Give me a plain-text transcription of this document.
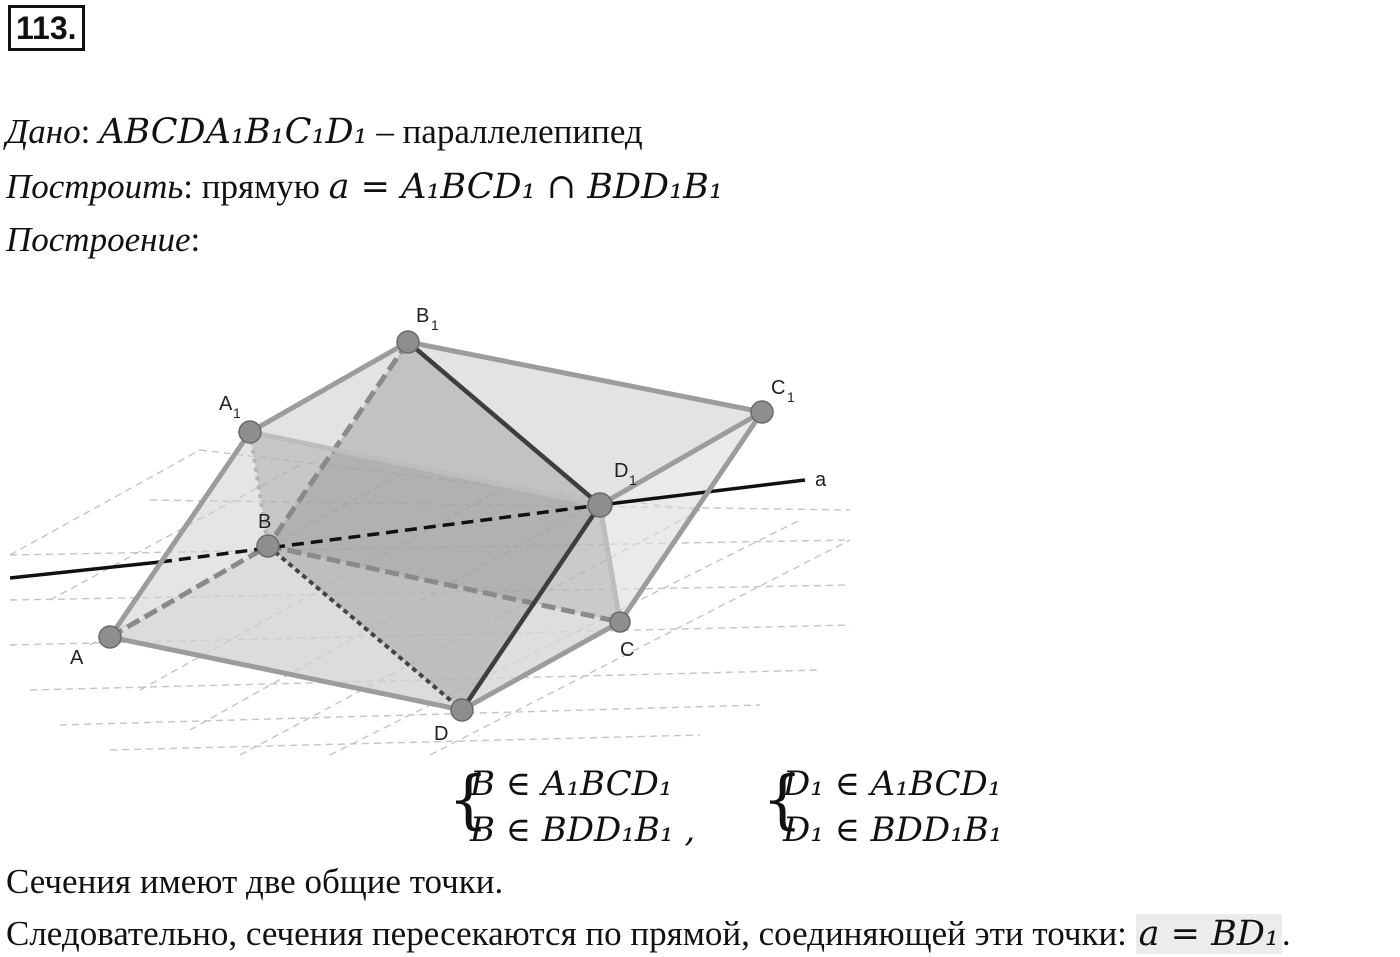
113.
Дано: ABCDA₁B₁C₁D₁ – параллелепипед
Построить: прямую a = A₁BCD₁ ∩ BDD₁B₁
Построение:
A
B
C
D
A 1
B 1
C 1
D 1	a
{
B ∈ A₁BCD₁
B ∈ BDD₁B₁ , {
D₁ ∈ A₁BCD₁
D₁ ∈ BDD₁B₁
Сечения имеют две общие точки.
Следовательно, сечения пересекаются по прямой, соединяющей эти точки: a = BD₁.
